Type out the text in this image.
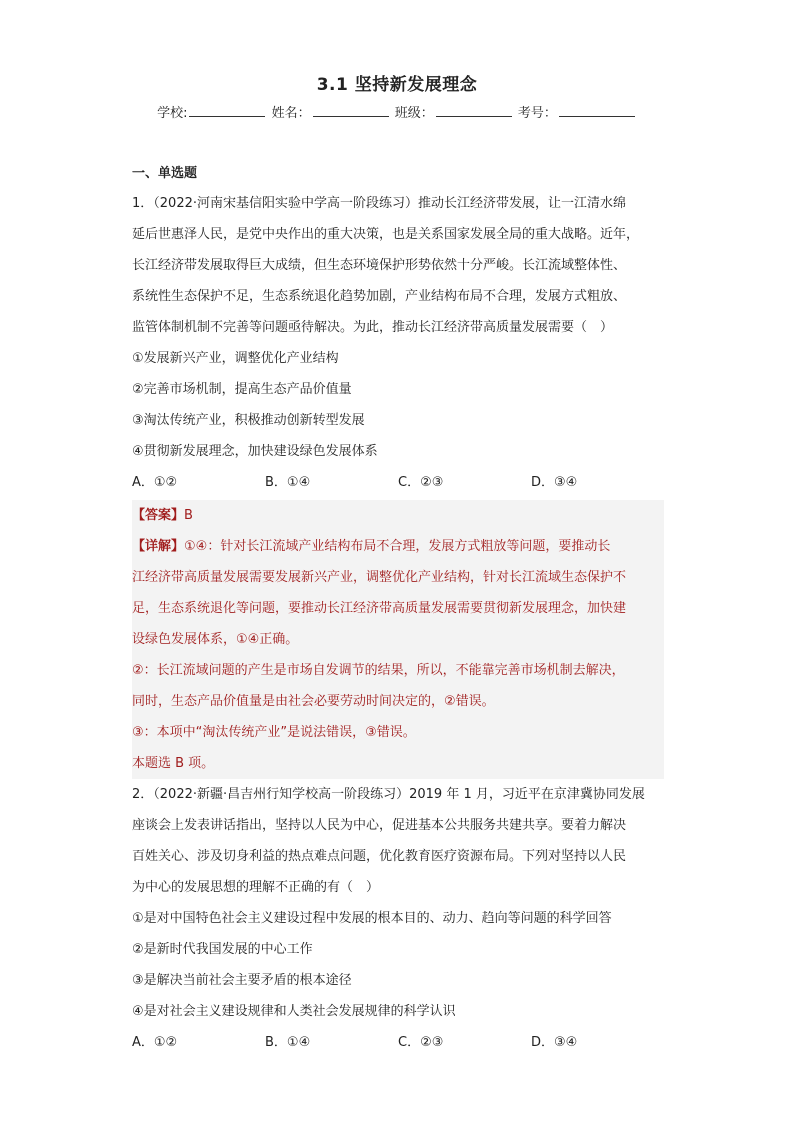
3.1 坚持新发展理念
学校:	姓名：	班级：	考号：
一、单选题

1．（2022·河南宋基信阳实验中学高一阶段练习）推动长江经济带发展，让一江清水绵

延后世惠泽人民，是党中央作出的重大决策，也是关系国家发展全局的重大战略。近年，

长江经济带发展取得巨大成绩，但生态环境保护形势依然十分严峻。长江流域整体性、

系统性生态保护不足，生态系统退化趋势加剧，产业结构布局不合理，发展方式粗放、

监管体制机制不完善等问题亟待解决。为此，推动长江经济带高质量发展需要（　）

①发展新兴产业，调整优化产业结构

②完善市场机制，提高生态产品价值量

③淘汰传统产业，积极推动创新转型发展

④贯彻新发展理念，加快建设绿色发展体系

A．①②	B．①④	C．②③	D．③④

【答案】B

【详解】①④：针对长江流域产业结构布局不合理，发展方式粗放等问题，要推动长

江经济带高质量发展需要发展新兴产业，调整优化产业结构，针对长江流域生态保护不

足，生态系统退化等问题，要推动长江经济带高质量发展需要贯彻新发展理念，加快建

设绿色发展体系，①④正确。

②：长江流域问题的产生是市场自发调节的结果，所以，不能靠完善市场机制去解决，

同时，生态产品价值量是由社会必要劳动时间决定的，②错误。

③：本项中“淘汰传统产业”是说法错误，③错误。

本题选 B 项。

2．（2022·新疆·昌吉州行知学校高一阶段练习）2019 年 1 月，习近平在京津冀协同发展

座谈会上发表讲话指出，坚持以人民为中心，促进基本公共服务共建共享。要着力解决

百姓关心、涉及切身利益的热点难点问题，优化教育医疗资源布局。下列对坚持以人民

为中心的发展思想的理解不正确的有（　）

①是对中国特色社会主义建设过程中发展的根本目的、动力、趋向等问题的科学回答

②是新时代我国发展的中心工作

③是解决当前社会主要矛盾的根本途径

④是对社会主义建设规律和人类社会发展规律的科学认识

A．①②	B．①④	C．②③	D．③④
